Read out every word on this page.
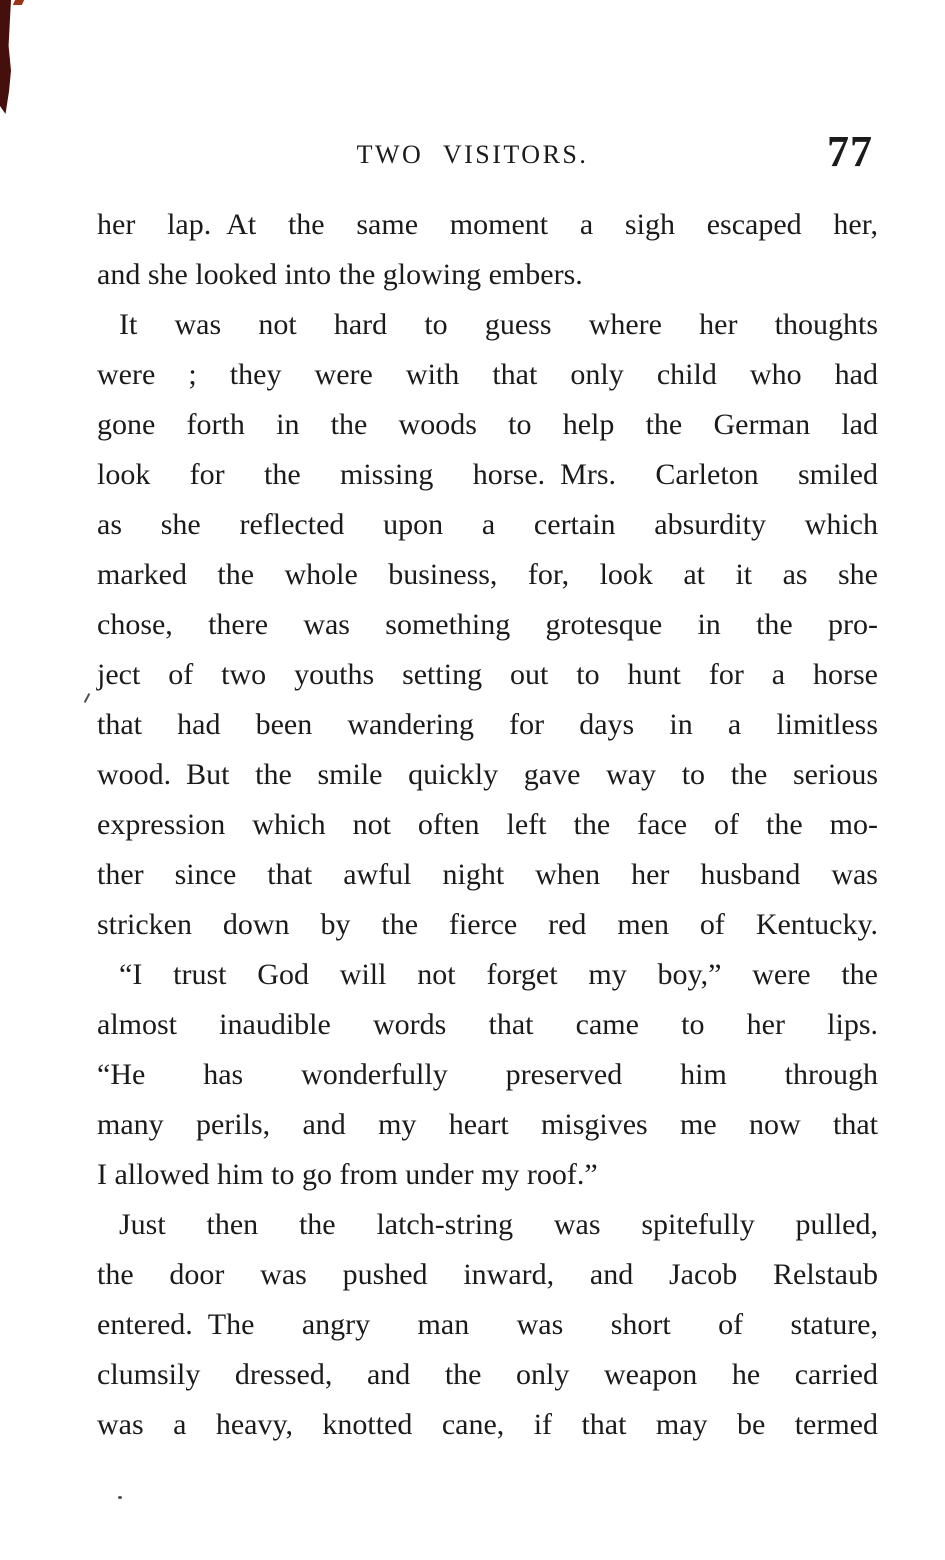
TWO VISITORS.	77
her lap. At the same moment a sigh escaped her,
and she looked into the glowing embers.
It was not hard to guess where her thoughts
were ; they were with that only child who had
gone forth in the woods to help the German lad
look for the missing horse. Mrs. Carleton smiled
as she reflected upon a certain absurdity which
marked the whole business, for, look at it as she
chose, there was something grotesque in the pro-
ject of two youths setting out to hunt for a horse
that had been wandering for days in a limitless
wood. But the smile quickly gave way to the serious
expression which not often left the face of the mo-
ther since that awful night when her husband was
stricken down by the fierce red men of Kentucky.
“I trust God will not forget my boy,” were the
almost inaudible words that came to her lips.
“He has wonderfully preserved him through
many perils, and my heart misgives me now that
I allowed him to go from under my roof.”
Just then the latch-string was spitefully pulled,
the door was pushed inward, and Jacob Relstaub
entered. The angry man was short of stature,
clumsily dressed, and the only weapon he carried
was a heavy, knotted cane, if that may be termed
